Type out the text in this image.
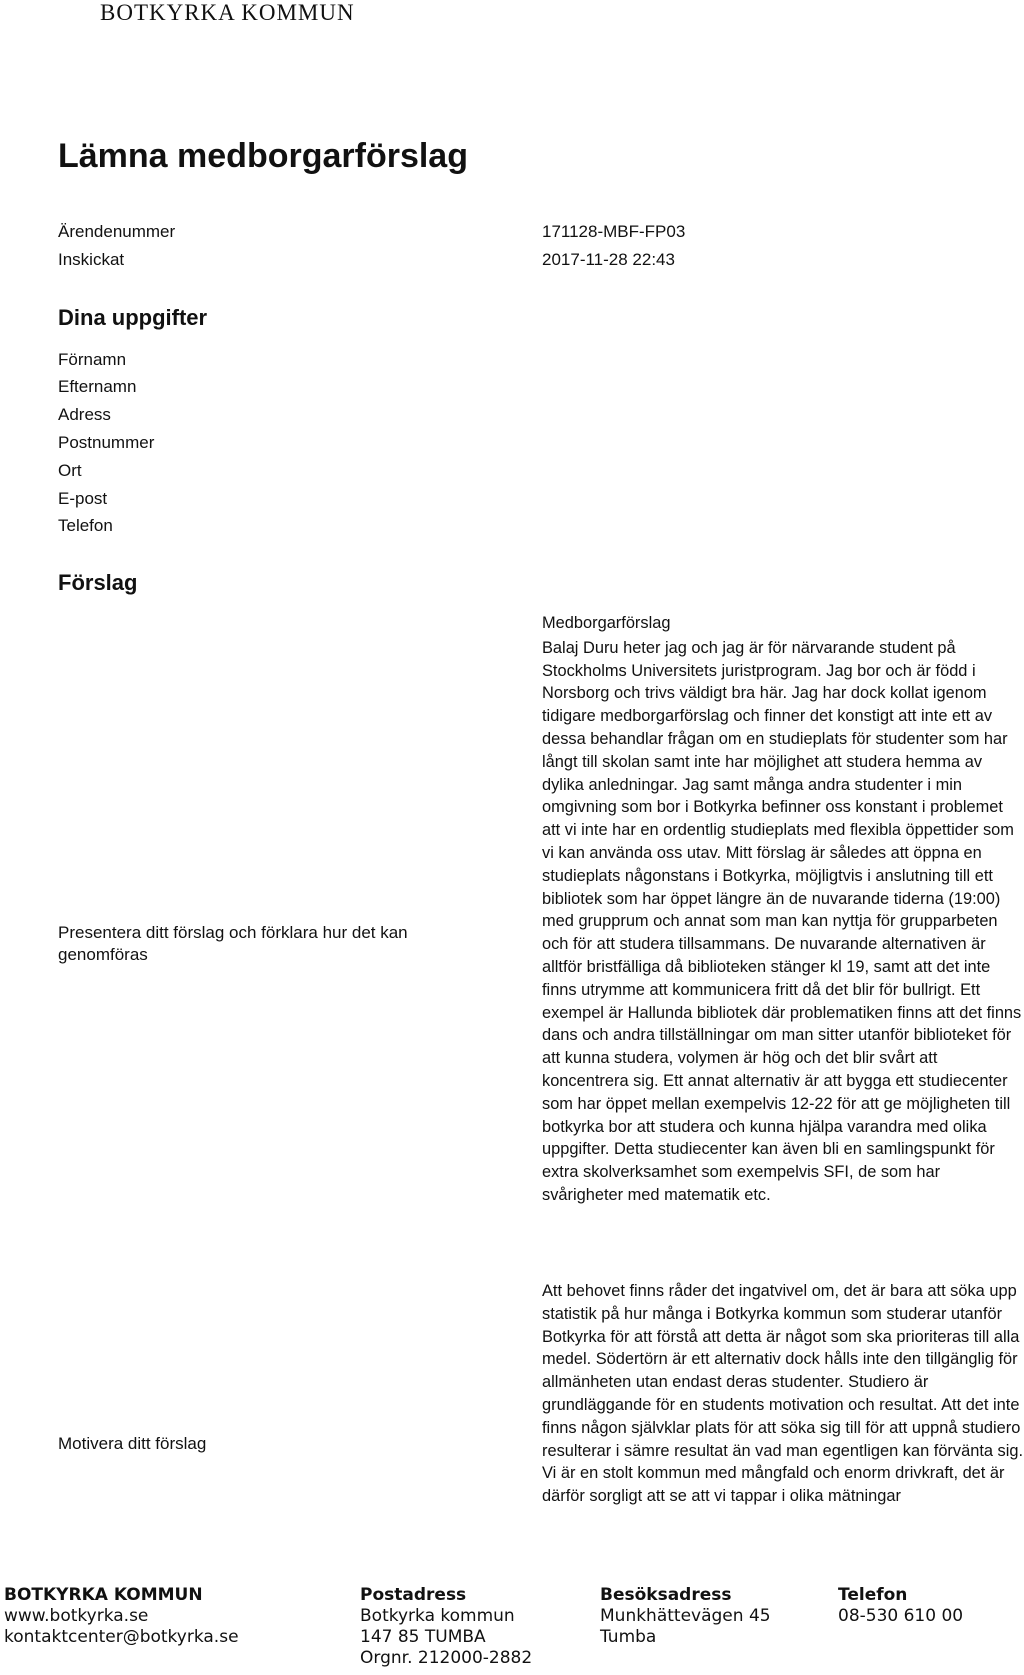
BOTKYRKA KOMMUN
Lämna medborgarförslag
Ärendenummer	171128-MBF-FP03
Inskickat	2017-11-28 22:43
Dina uppgifter
Förnamn
Efternamn
Adress
Postnummer
Ort
E-post
Telefon
Förslag
Presentera ditt förslag och förklara hur det kan genomföras

Medborgarförslag

Balaj Duru heter jag och jag är för närvarande student på Stockholms Universitets juristprogram. Jag bor och är född i Norsborg och trivs väldigt bra här. Jag har dock kollat igenom tidigare medborgarförslag och finner det konstigt att inte ett av dessa behandlar frågan om en studieplats för studenter som har långt till skolan samt inte har möjlighet att studera hemma av dylika anledningar. Jag samt många andra studenter i min omgivning som bor i Botkyrka befinner oss konstant i problemet att vi inte har en ordentlig studieplats med flexibla öppettider som vi kan använda oss utav. Mitt förslag är således att öppna en studieplats någonstans i Botkyrka, möjligtvis i anslutning till ett bibliotek som har öppet längre än de nuvarande tiderna (19:00) med grupprum och annat som man kan nyttja för grupparbeten och för att studera tillsammans. De nuvarande alternativen är alltför bristfälliga då biblioteken stänger kl 19, samt att det inte finns utrymme att kommunicera fritt då det blir för bullrigt. Ett exempel är Hallunda bibliotek där problematiken finns att det finns dans och andra tillställningar om man sitter utanför biblioteket för att kunna studera, volymen är hög och det blir svårt att koncentrera sig. Ett annat alternativ är att bygga ett studiecenter som har öppet mellan exempelvis 12-22 för att ge möjligheten till botkyrka bor att studera och kunna hjälpa varandra med olika uppgifter. Detta studiecenter kan även bli en samlingspunkt för extra skolverksamhet som exempelvis SFI, de som har svårigheter med matematik etc.

Motivera ditt förslag

Att behovet finns råder det ingatvivel om, det är bara att söka upp statistik på hur många i Botkyrka kommun som studerar utanför Botkyrka för att förstå att detta är något som ska prioriteras till alla medel. Södertörn är ett alternativ dock hålls inte den tillgänglig för allmänheten utan endast deras studenter. Studiero är grundläggande för en students motivation och resultat. Att det inte finns någon självklar plats för att söka sig till för att uppnå studiero resulterar i sämre resultat än vad man egentligen kan förvänta sig.

Vi är en stolt kommun med mångfald och enorm drivkraft, det är därför sorgligt att se att vi tappar i olika mätningar

BOTKYRKA KOMMUN
www.botkyrka.se
kontaktcenter@botkyrka.se
Postadress
Botkyrka kommun
147 85 TUMBA
Orgnr. 212000-2882
Besöksadress
Munkhättevägen 45
Tumba
Telefon
08-530 610 00
